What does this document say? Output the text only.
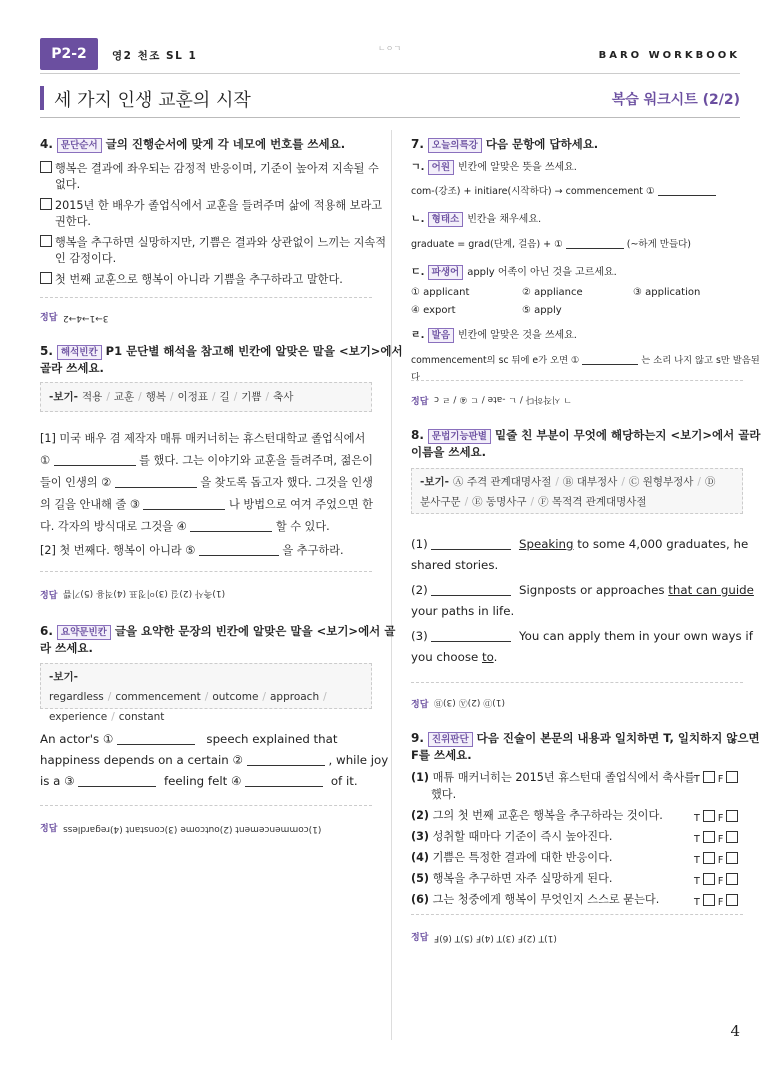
P2-2	영2 천조 SL 1
ㄴㅇㄱ
BARO WORKBOOK
세 가지 인생 교훈의 시작	복습 워크시트 (2/2)
4. 문단순서 글의 진행순서에 맞게 각 네모에 번호를 쓰세요.
행복은 결과에 좌우되는 감정적 반응이며, 기준이 높아져 지속될 수
없다.
2015년 한 배우가 졸업식에서 교훈을 들려주며 삶에 적용해 보라고
권한다.
행복을 추구하면 실망하지만, 기쁨은 결과와 상관없이 느끼는 지속적
인 감정이다.
첫 번째 교훈으로 행복이 아니라 기쁨을 추구하라고 말한다.
정답 3→1→4→2
5. 해석빈칸 P1 문단별 해석을 참고해 빈칸에 알맞은 말을 <보기>에서
골라 쓰세요.
-보기- 적용 / 교훈 / 행복 / 이정표 / 길 / 기쁨 / 축사
[1] 미국 배우 겸 제작자 매튜 매커너히는 휴스턴대학교 졸업식에서
①	를 했다. 그는 이야기와 교훈을 들려주며, 젊은이
들이 인생의 ②	을 찾도록 돕고자 했다. 그것을 인생
의 길을 안내해 줄 ③	나 방법으로 여겨 주었으면 한
다. 각자의 방식대로 그것을 ④	할 수 있다.
[2] 첫 번째다. 행복이 아니라 ⑤	을 추구하라.
정답 (1)축사 (2)길 (3)이정표 (4)적용 (5)기쁨
6. 요약문빈칸 글을 요약한 문장의 빈칸에 알맞은 말을 <보기>에서 골
라 쓰세요.
-보기-regardless / commencement / outcome / approach /
experience / constant
An actor's ①	speech explained that
happiness depends on a certain ②	, while joy
is a ③	feeling felt ④	of it.
정답 (1)commencement (2)outcome (3)constant (4)regardless
7. 오늘의특강 다음 문항에 답하세요.
ㄱ. 어원 빈칸에 알맞은 뜻을 쓰세요.
com-(강조) + initiare(시작하다) → commencement ①
ㄴ. 형태소 빈칸을 채우세요.
graduate = grad(단계, 걸음) + ①	(~하게 만들다)
ㄷ. 파생어 apply 어족이 아닌 것을 고르세요.
① applicant	② appliance	③ application
④ export	⑤ apply
ㄹ. 발음 빈칸에 알맞은 것을 쓰세요.
commencement의 sc 뒤에 e가 오면 ①	는 소리 나지 않고 s만 발음된다
정답 ㄱ 시작하다 / ㄴ -ate / ㄷ ④ / ㄹ c
8. 문법기능판별 밑줄 친 부분이 무엇에 해당하는지 <보기>에서 골라
이름을 쓰세요.
-보기- Ⓐ 주격 관계대명사절 / Ⓑ 대부정사 / Ⓒ 원형부정사 / Ⓓ
분사구문 / Ⓔ 동명사구 / Ⓕ 목적격 관계대명사절
(1)	Speaking to some 4,000 graduates, he
shared stories.
(2)	Signposts or approaches that can guide
your paths in life.
(3)	You can apply them in your own ways if
you choose to.
정답 (1)Ⓓ (2)Ⓐ (3)Ⓑ
9. 진위판단 다음 진술이 본문의 내용과 일치하면 T, 일치하지 않으면
F를 쓰세요.
(1) 매튜 매커너히는 2015년 휴스턴대 졸업식에서 축사를
했다.
T F
(2) 그의 첫 번째 교훈은 행복을 추구하라는 것이다.	T F
(3) 성취할 때마다 기준이 즉시 높아진다.	T F
(4) 기쁨은 특정한 결과에 대한 반응이다.	T F
(5) 행복을 추구하면 자주 실망하게 된다.	T F
(6) 그는 청중에게 행복이 무엇인지 스스로 묻는다.	T F
정답 (1)T (2)F (3)T (4)F (5)T (6)F
4
